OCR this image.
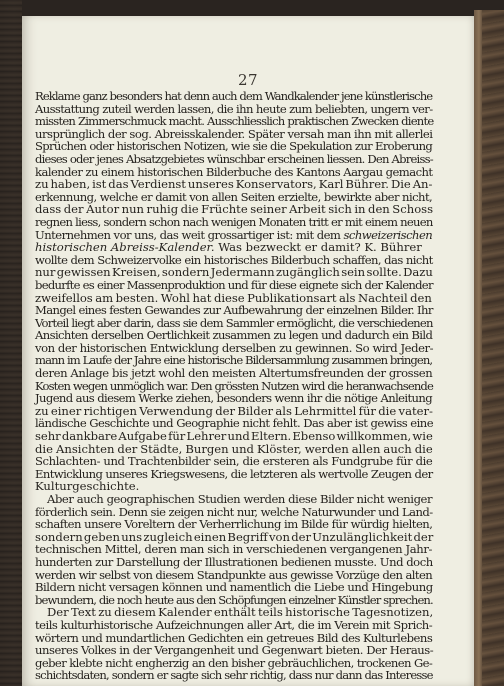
27
Reklame ganz besonders hat denn auch dem Wandkalender jene künstlerische
Ausstattung zuteil werden lassen, die ihn heute zum beliebten, ungern ver-
missten Zimmerschmuck macht. Ausschliesslich praktischen Zwecken diente
ursprünglich der sog. Abreisskalender. Später versah man ihn mit allerlei
Sprüchen oder historischen Notizen, wie sie die Spekulation zur Eroberung
dieses oder jenes Absatzgebietes wünschbar erscheinen liessen. Den Abreiss-
kalender zu einem historischen Bilderbuche des Kantons Aargau gemacht
zu haben, ist das Verdienst unseres Konservators, Karl Bührer. Die An-
erkennung, welche er damit von allen Seiten erzielte, bewirkte aber nicht,
dass der Autor nun ruhig die Früchte seiner Arbeit sich in den Schoss
regnen liess, sondern schon nach wenigen Monaten tritt er mit einem neuen
Unternehmen vor uns, das weit grossartiger ist: mit dem schweizerischen
historischen Abreiss-Kalender. Was bezweckt er damit? K. Bührer
wollte dem Schweizervolke ein historisches Bilderbuch schaffen, das nicht
nur gewissen Kreisen, sondern Jedermann zugänglich sein sollte. Dazu
bedurfte es einer Massenproduktion und für diese eignete sich der Kalender
zweifellos am besten. Wohl hat diese Publikationsart als Nachteil den
Mangel eines festen Gewandes zur Aufbewahrung der einzelnen Bilder. Ihr
Vorteil liegt aber darin, dass sie dem Sammler ermöglicht, die verschiedenen
Ansichten derselben Oertlichkeit zusammen zu legen und dadurch ein Bild
von der historischen Entwicklung derselben zu gewinnen. So wird Jeder-
mann im Laufe der Jahre eine historische Bildersammlung zusammen bringen,
deren Anlage bis jetzt wohl den meisten Altertumsfreunden der grossen
Kosten wegen unmöglich war. Den grössten Nutzen wird die heranwachsende
Jugend aus diesem Werke ziehen, besonders wenn ihr die nötige Anleitung
zu einer richtigen Verwendung der Bilder als Lehrmittel für die vater-
ländische Geschichte und Geographie nicht fehlt. Das aber ist gewiss eine
sehr dankbare Aufgabe für Lehrer und Eltern. Ebenso willkommen, wie
die Ansichten der Städte, Burgen und Klöster, werden allen auch die
Schlachten- und Trachtenbilder sein, die ersteren als Fundgrube für die
Entwicklung unseres Kriegswesens, die letzteren als wertvolle Zeugen der
Kulturgeschichte.
Aber auch geographischen Studien werden diese Bilder nicht weniger
förderlich sein. Denn sie zeigen nicht nur, welche Naturwunder und Land-
schaften unsere Voreltern der Verherrlichung im Bilde für würdig hielten,
sondern geben uns zugleich einen Begriff von der Unzulänglichkeit der
technischen Mittel, deren man sich in verschiedenen vergangenen Jahr-
hunderten zur Darstellung der Illustrationen bedienen musste. Und doch
werden wir selbst von diesem Standpunkte aus gewisse Vorzüge den alten
Bildern nicht versagen können und namentlich die Liebe und Hingebung
bewundern, die noch heute aus den Schöpfungen einzelner Künstler sprechen.
Der Text zu diesem Kalender enthält teils historische Tagesnotizen,
teils kulturhistorische Aufzeichnungen aller Art, die im Verein mit Sprich-
wörtern und mundartlichen Gedichten ein getreues Bild des Kulturlebens
unseres Volkes in der Vergangenheit und Gegenwart bieten. Der Heraus-
geber klebte nicht engherzig an den bisher gebräuchlichen, trockenen Ge-
schichtsdaten, sondern er sagte sich sehr richtig, dass nur dann das Interesse
